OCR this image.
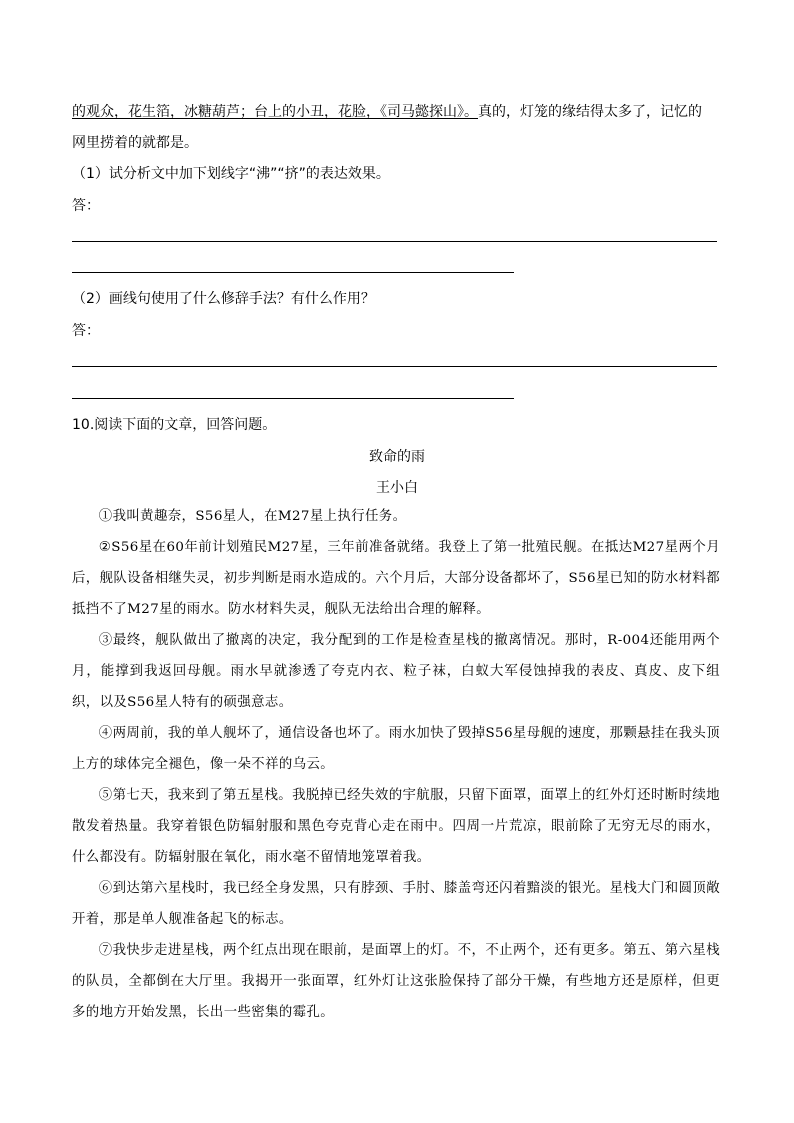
的观众，花生箔，冰糖葫芦；台上的小丑，花脸，《司马懿探山》。真的，灯笼的缘结得太多了，记忆的
网里捞着的就都是。
（1）试分析文中加下划线字“沸”“挤”的表达效果。
答：
（2）画线句使用了什么修辞手法？有什么作用？
答：
10.阅读下面的文章，回答问题。
致命的雨
王小白

①我叫黄趣奈，S56星人，在M27星上执行任务。

②S56星在60年前计划殖民M27星，三年前准备就绪。我登上了第一批殖民舰。在抵达M27星两个月后，舰队设备相继失灵，初步判断是雨水造成的。六个月后，大部分设备都坏了，S56星已知的防水材料都抵挡不了M27星的雨水。防水材料失灵，舰队无法给出合理的解释。

③最终，舰队做出了撤离的决定，我分配到的工作是检查星栈的撤离情况。那时，R-004还能用两个月，能撑到我返回母舰。雨水早就渗透了夸克内衣、粒子袜，白蚁大军侵蚀掉我的表皮、真皮、皮下组织，以及S56星人特有的硕强意志。

④两周前，我的单人舰坏了，通信设备也坏了。雨水加快了毁掉S56星母舰的速度，那颗悬挂在我头顶上方的球体完全褪色，像一朵不祥的乌云。

⑤第七天，我来到了第五星栈。我脱掉已经失效的宇航服，只留下面罩，面罩上的红外灯还时断时续地散发着热量。我穿着银色防辐射服和黑色夸克背心走在雨中。四周一片荒凉，眼前除了无穷无尽的雨水，什么都没有。防辐射服在氧化，雨水毫不留情地笼罩着我。

⑥到达第六星栈时，我已经全身发黑，只有脖颈、手肘、膝盖弯还闪着黯淡的银光。星栈大门和圆顶敞开着，那是单人舰准备起飞的标志。

⑦我快步走进星栈，两个红点出现在眼前，是面罩上的灯。不，不止两个，还有更多。第五、第六星栈的队员，全都倒在大厅里。我揭开一张面罩，红外灯让这张脸保持了部分干燥，有些地方还是原样，但更多的地方开始发黑，长出一些密集的霉孔。
